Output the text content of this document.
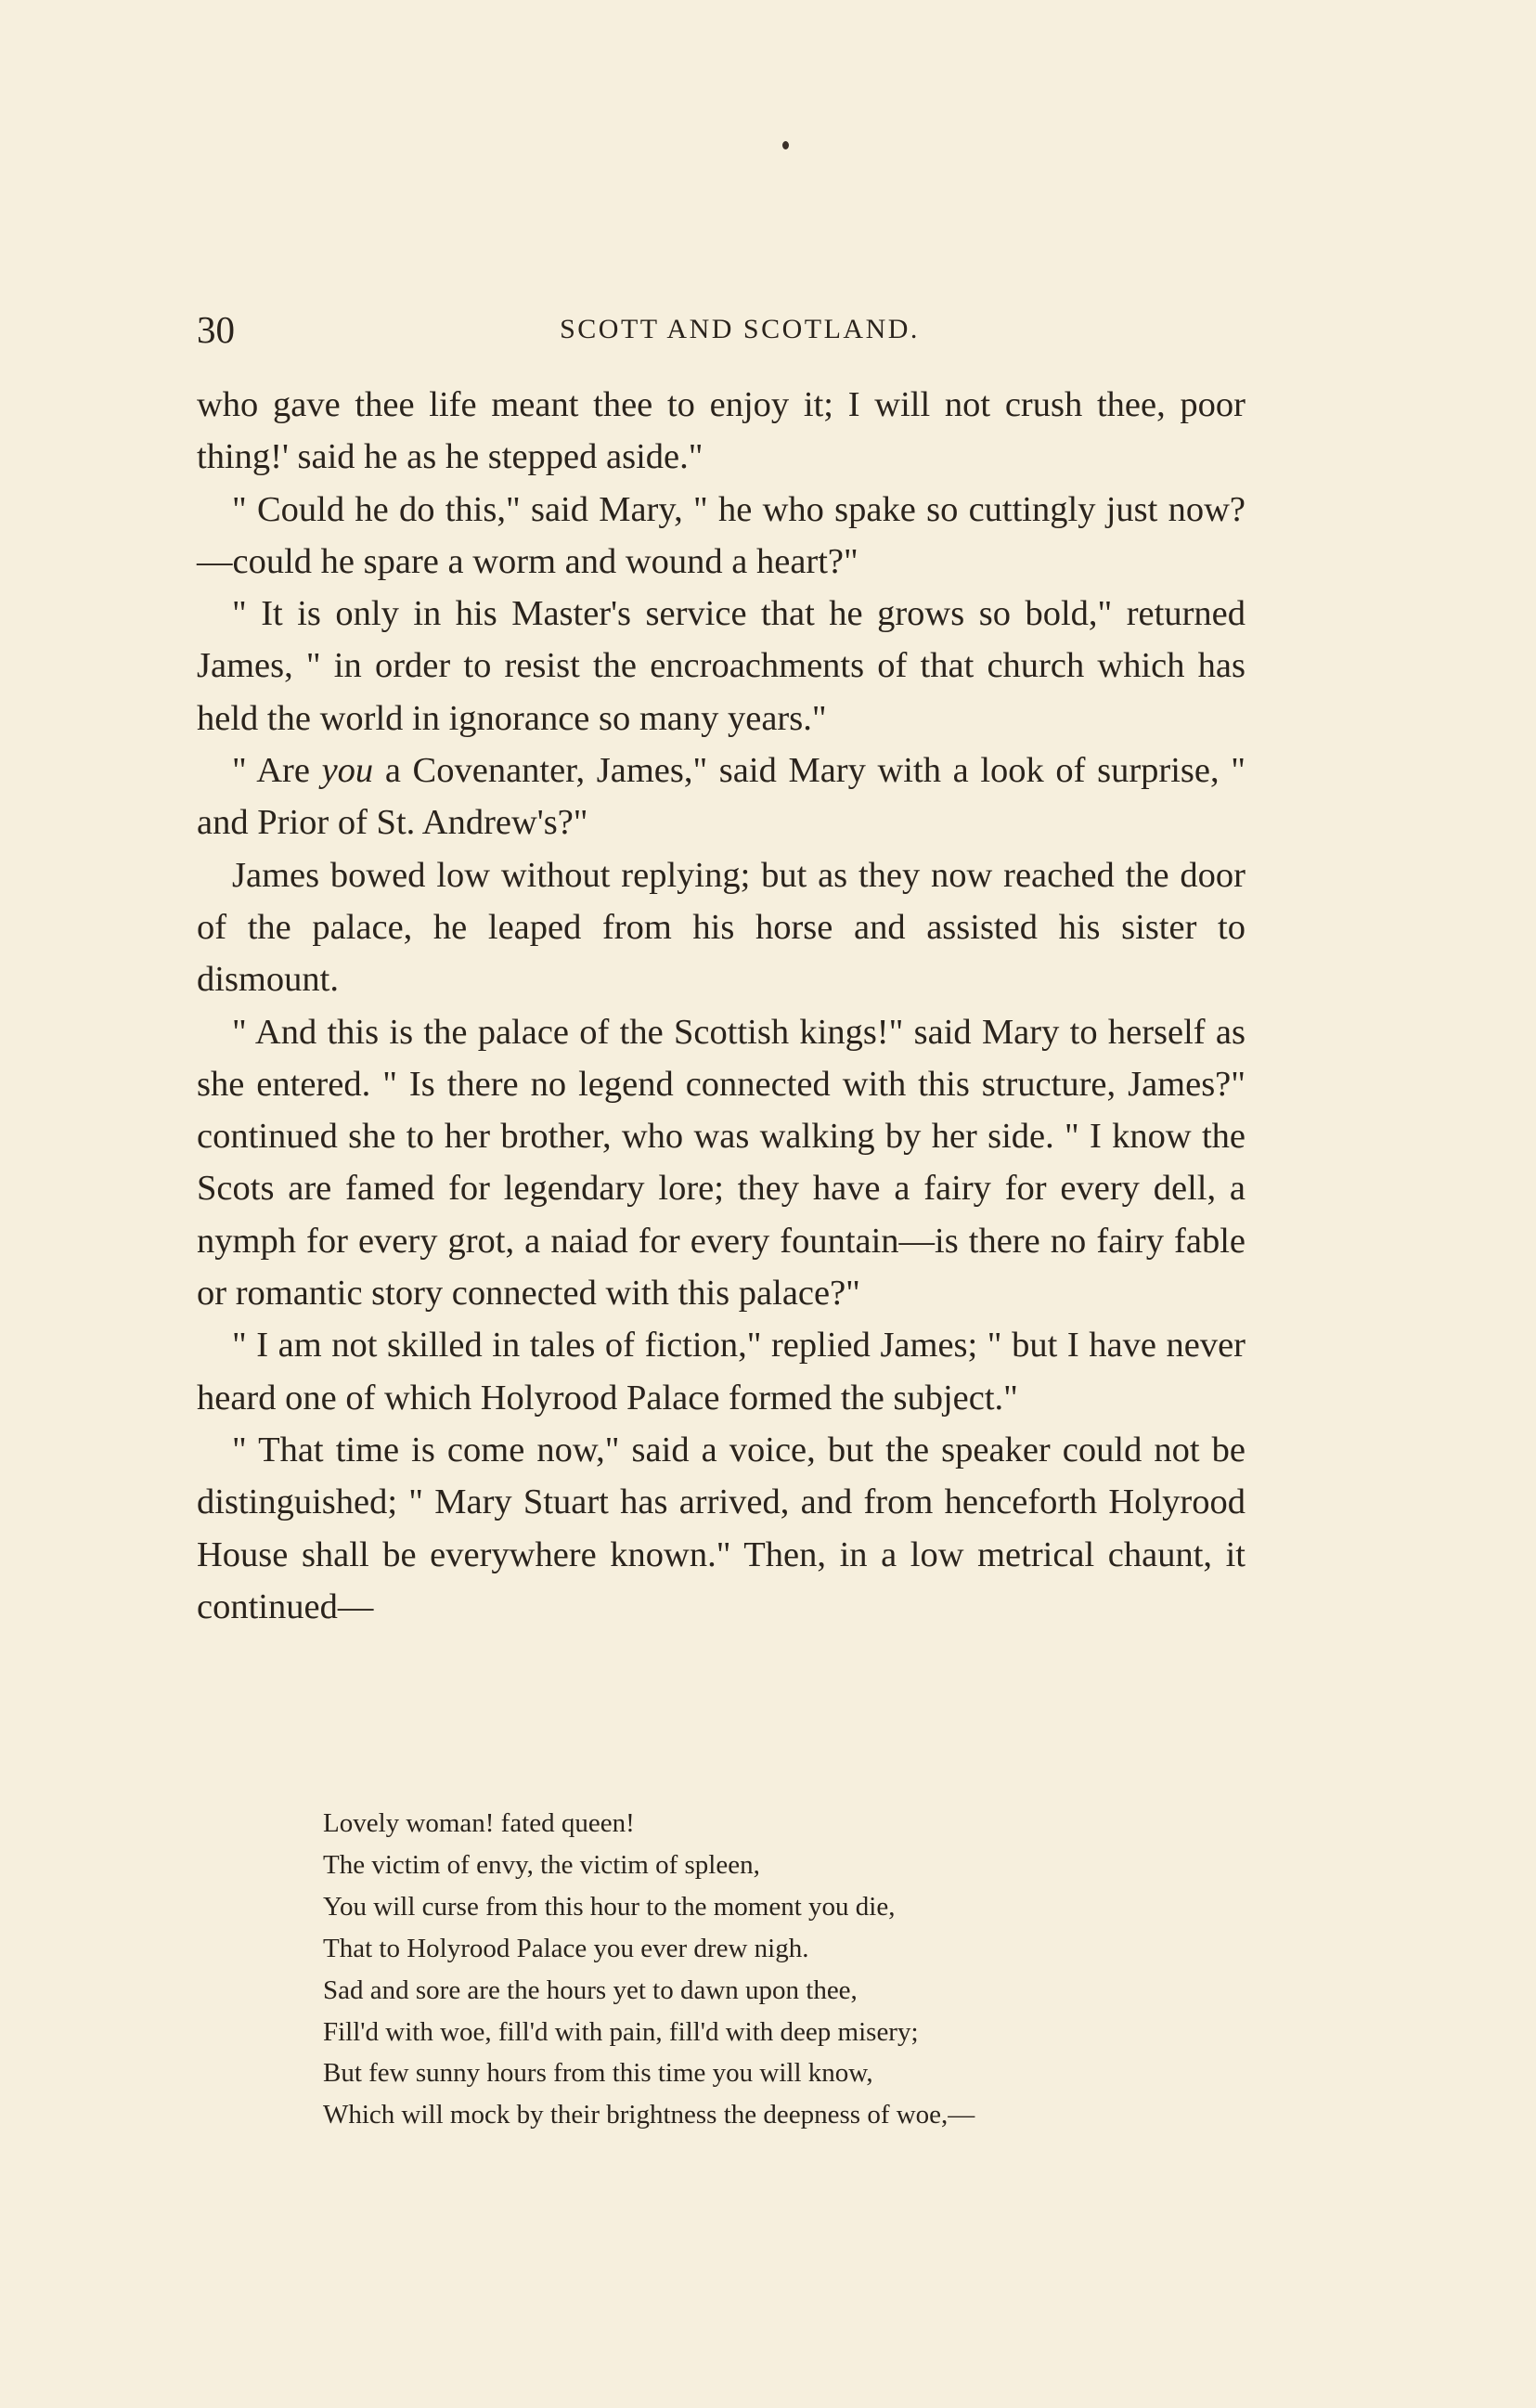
30	SCOTT AND SCOTLAND.

who gave thee life meant thee to enjoy it; I will not crush thee, poor thing!' said he as he stepped aside."

" Could he do this," said Mary, " he who spake so cuttingly just now?—could he spare a worm and wound a heart?"

" It is only in his Master's service that he grows so bold," returned James, " in order to resist the encroachments of that church which has held the world in ignorance so many years."

" Are you a Covenanter, James," said Mary with a look of surprise, " and Prior of St. Andrew's?"

James bowed low without replying; but as they now reached the door of the palace, he leaped from his horse and assisted his sister to dismount.

" And this is the palace of the Scottish kings!" said Mary to herself as she entered. " Is there no legend connected with this structure, James?" continued she to her brother, who was walking by her side. " I know the Scots are famed for legendary lore; they have a fairy for every dell, a nymph for every grot, a naiad for every fountain—is there no fairy fable or romantic story connected with this palace?"

" I am not skilled in tales of fiction," replied James; " but I have never heard one of which Holyrood Palace formed the subject."

" That time is come now," said a voice, but the speaker could not be distinguished; " Mary Stuart has arrived, and from henceforth Holyrood House shall be everywhere known." Then, in a low metrical chaunt, it continued—

Lovely woman! fated queen!
The victim of envy, the victim of spleen,
You will curse from this hour to the moment you die,
That to Holyrood Palace you ever drew nigh.
Sad and sore are the hours yet to dawn upon thee,
Fill'd with woe, fill'd with pain, fill'd with deep misery;
But few sunny hours from this time you will know,
Which will mock by their brightness the deepness of woe,—
